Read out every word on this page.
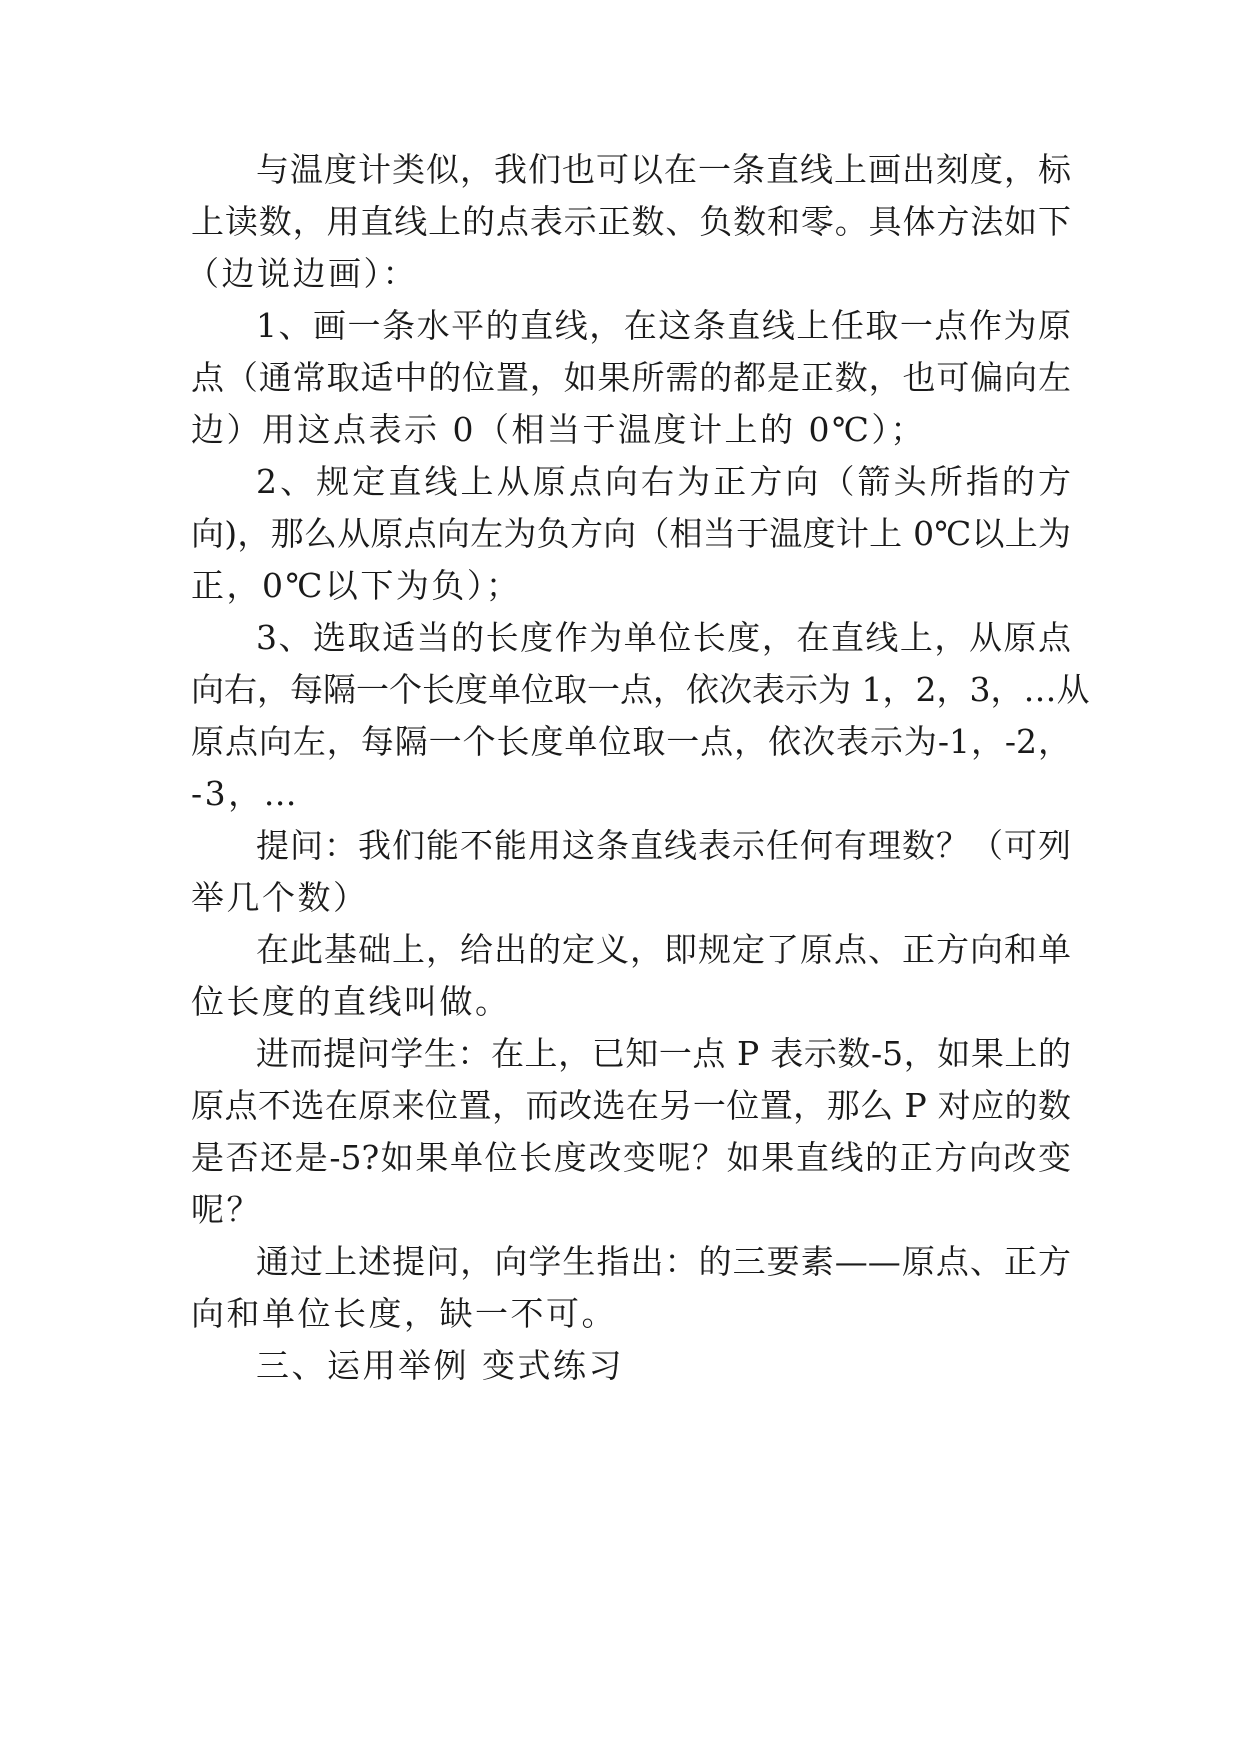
与温度计类似，我们也可以在一条直线上画出刻度，标
上读数，用直线上的点表示正数、负数和零。具体方法如下
（边说边画）：
1、画一条水平的直线，在这条直线上任取一点作为原
点（通常取适中的位置，如果所需的都是正数，也可偏向左
边）用这点表示 0（相当于温度计上的 0℃）；
2、规定直线上从原点向右为正方向（箭头所指的方
向)，那么从原点向左为负方向（相当于温度计上 0℃以上为
正，0℃以下为负）；
3、选取适当的长度作为单位长度，在直线上，从原点
向右，每隔一个长度单位取一点，依次表示为 1，2，3，…从
原点向左，每隔一个长度单位取一点，依次表示为-1，-2，
-3，…
提问：我们能不能用这条直线表示任何有理数？（可列
举几个数）
在此基础上，给出的定义，即规定了原点、正方向和单
位长度的直线叫做。
进而提问学生：在上，已知一点 P 表示数-5，如果上的
原点不选在原来位置，而改选在另一位置，那么 P 对应的数
是否还是-5?如果单位长度改变呢？如果直线的正方向改变
呢？
通过上述提问，向学生指出：的三要素——原点、正方
向和单位长度，缺一不可。
三、运用举例 变式练习
